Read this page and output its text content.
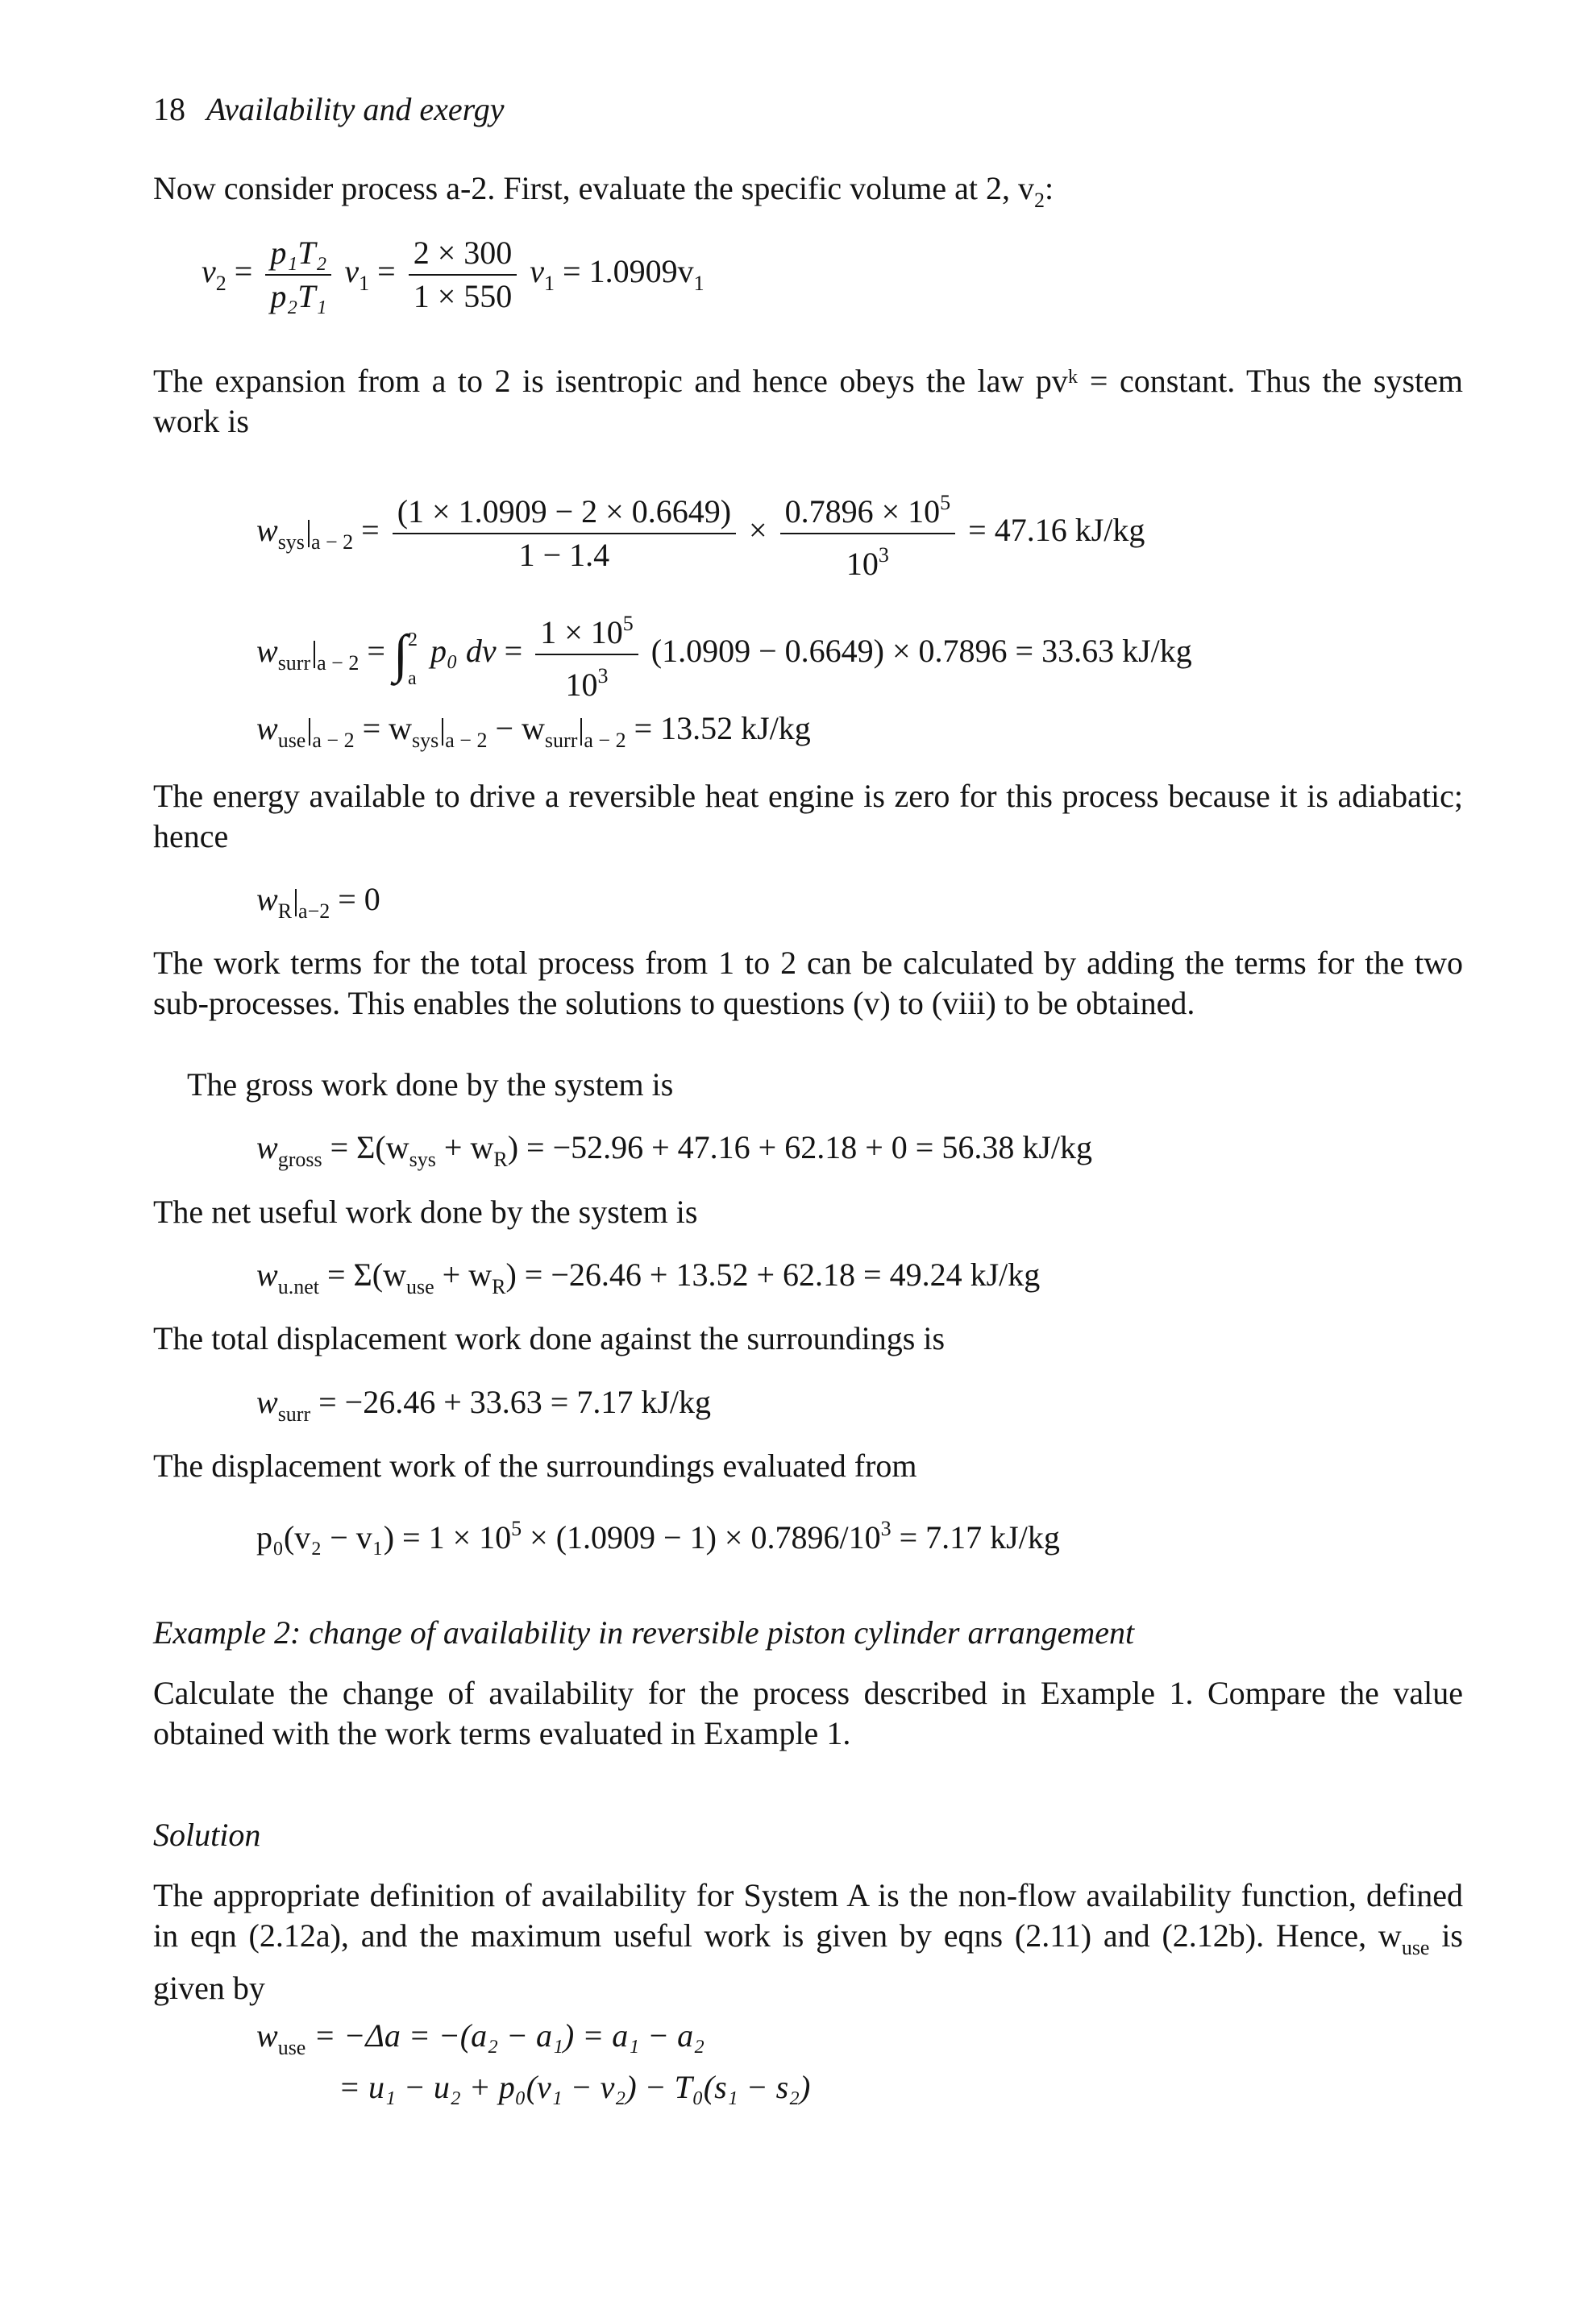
18 Availability and exergy
Now consider process a-2. First, evaluate the specific volume at 2, $v_2$:
$v_2 = \frac{\text{p₁T₂}}{\text{p₂T₁}} v_1 = \frac{2 \times 300}{1 \times 550} v_1 = 1.0909v_1$
The expansion from a to 2 is isentropic and hence obeys the law pvᵏ = constant. Thus the system work is
$w_{sys}$ $_{a - 2} = \frac{(1 \times 1.0909 - 2 \times 0.6649)}{1 - 1.4} \times \frac{0.7896 \times 10^5}{10^3} = 47.16$ kJ/kg
$w_{surr}$ $_{a - 2}$ = ∫ 2
a
p₀ dv = $\frac{1 \times 10^5}{10^3} (1.0909 - 0.6649) \times 0.7896 = 33.63$ kJ/kg
$w_{use}$ $_{a - 2} = w_{sys}$ $_{a - 2} - w_{surr}$ $_{a - 2}$ = 13.52 kJ/kg
The energy available to drive a reversible heat engine is zero for this process because it is adiabatic; hence
$w_R$ $_{a-2}$ = 0
The work terms for the total process from 1 to 2 can be calculated by adding the terms for the two sub-processes. This enables the solutions to questions (v) to (viii) to be obtained.
The gross work done by the system is
$w_{gross} = \Sigma(w_{sys} + w_R) = -52.96 + 47.16 + 62.18 + 0 = 56.38$ kJ/kg
The net useful work done by the system is
$w_{u.net} = \Sigma(w_{use} + w_R) = -26.46 + 13.52 + 62.18 = 49.24$ kJ/kg
The total displacement work done against the surroundings is
$w_{surr} = -26.46 + 33.63 = 7.17$ kJ/kg
The displacement work of the surroundings evaluated from
$p_0(v_2 - v_1) = 1 \times 10^5 \times (1.0909 - 1) \times 0.7896/10^3 = 7.17$ kJ/kg
Example 2: change of availability in reversible piston cylinder arrangement
Calculate the change of availability for the process described in Example 1. Compare the value obtained with the work terms evaluated in Example 1.
Solution
The appropriate definition of availability for System A is the non-flow availability function, defined in eqn (2.12a), and the maximum useful work is given by eqns (2.11) and (2.12b). Hence, $w_{use}$ is given by
$w_{use} = -\Delta a = -(a_2 - a_1) = a_1 - a_2$
= u₁ − u₂ + p₀(v₁ − v₂) − T₀(s₁ − s₂)
